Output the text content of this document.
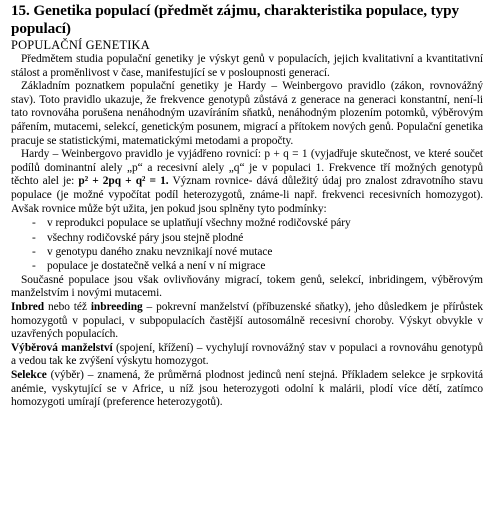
15. Genetika populací (předmět zájmu, charakteristika populace, typy
populací)
POPULAČNÍ GENETIKA

Předmětem studia populační genetiky je výskyt genů v populacích, jejich kvalitativní a kvantitativní stálost a proměnlivost v čase, manifestující se v posloupnosti generací.

Základním poznatkem populační genetiky je Hardy – Weinbergovo pravidlo (zákon, rovnovážný stav). Toto pravidlo ukazuje, že frekvence genotypů zůstává z generace na generaci konstantní, není-li tato rovnováha porušena nenáhodným uzavíráním sňatků, nenáhodným plozením potomků, výběrovým pářením, mutacemi, selekcí, genetickým posunem, migrací a přítokem nových genů. Populační genetika pracuje se statistickými, matematickými metodami a propočty.

Hardy – Weinbergovo pravidlo je vyjádřeno rovnicí: p + q = 1 (vyjadřuje skutečnost, ve které součet podílů dominantní alely „p“ a recesivní alely „q“ je v populaci 1. Frekvence tří možných genotypů těchto alel je: p² + 2pq + q² = 1. Význam rovnice- dává důležitý údaj pro znalost zdravotního stavu populace (je možné vypočítat podíl heterozygotů, známe-li např. frekvenci recesivních homozygot). Avšak rovnice může být užita, jen pokud jsou splněny tyto podmínky:

- v reprodukci populace se uplatňují všechny možné rodičovské páry
- všechny rodičovské páry jsou stejně plodné
- v genotypu daného znaku nevznikají nové mutace
- populace je dostatečně velká a není v ní migrace

Současné populace jsou však ovlivňovány migrací, tokem genů, selekcí, inbridingem, výběrovým manželstvím i novými mutacemi.

Inbred nebo též inbreeding – pokrevní manželství (příbuzenské sňatky), jeho důsledkem je přírůstek homozygotů v populaci, v subpopulacích častější autosomálně recesivní choroby. Výskyt obvykle v uzavřených populacích.

Výběrová manželství (spojení, křížení) – vychylují rovnovážný stav v populaci a rovnováhu genotypů a vedou tak ke zvýšení výskytu homozygot.

Selekce (výběr) – znamená, že průměrná plodnost jedinců není stejná. Příkladem selekce je srpkovitá anémie, vyskytující se v Africe, u níž jsou heterozygoti odolní k malárii, plodí více dětí, zatímco homozygoti umírají (preference heterozygotů).
